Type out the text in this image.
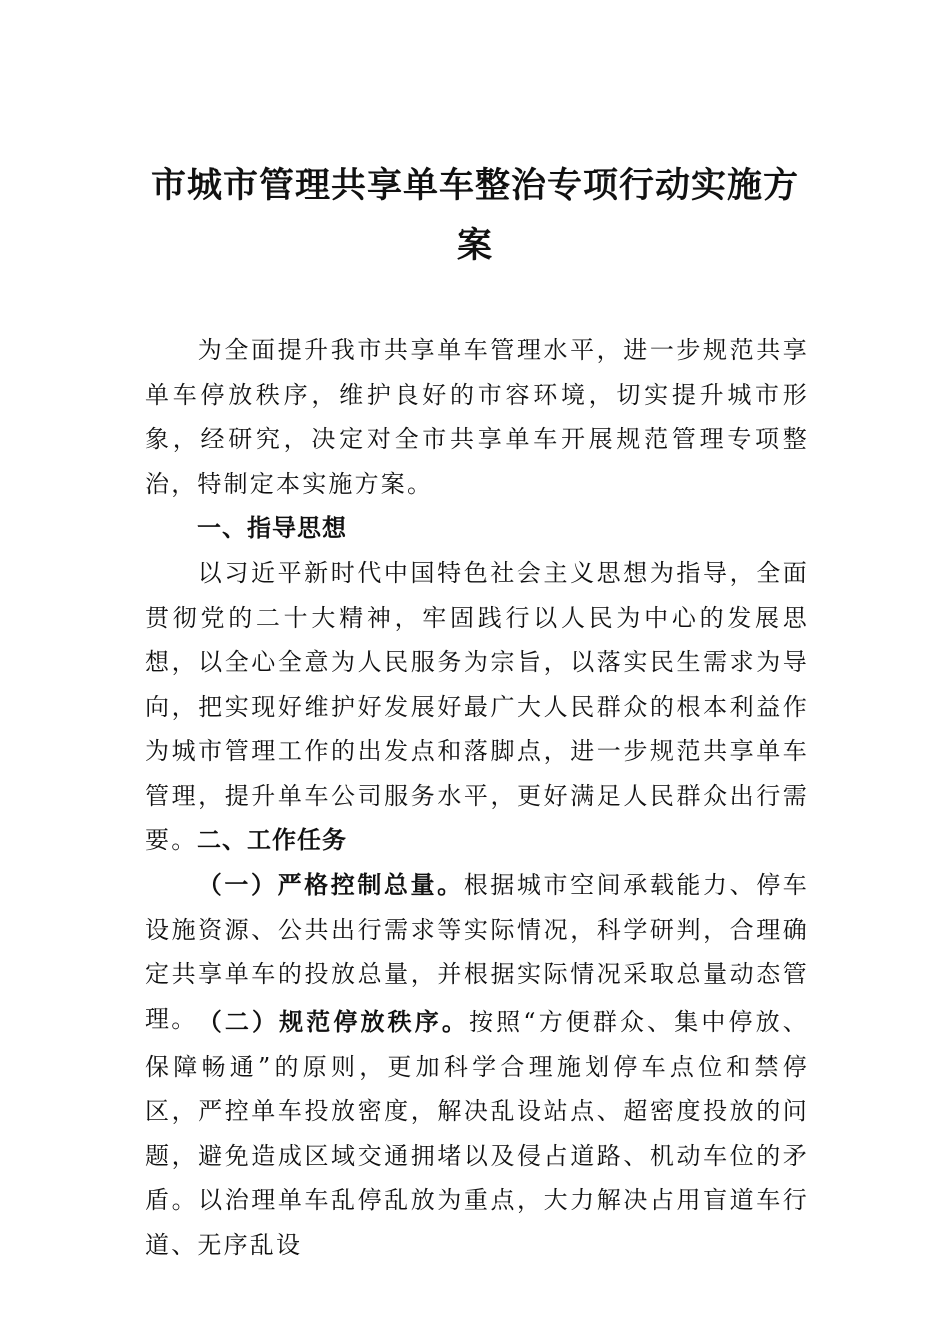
市城市管理共享单车整治专项行动实施方案

为全面提升我市共享单车管理水平，进一步规范共享单车停放秩序，维护良好的市容环境，切实提升城市形象，经研究，决定对全市共享单车开展规范管理专项整治，特制定本实施方案。

一、指导思想

以习近平新时代中国特色社会主义思想为指导，全面贯彻党的二十大精神，牢固践行以人民为中心的发展思想，以全心全意为人民服务为宗旨，以落实民生需求为导向，把实现好维护好发展好最广大人民群众的根本利益作为城市管理工作的出发点和落脚点，进一步规范共享单车管理，提升单车公司服务水平，更好满足人民群众出行需要。 二、工作任务

（一）严格控制总量。根据城市空间承载能力、停车设施资源、公共出行需求等实际情况，科学研判，合理确定共享单车的投放总量，并根据实际情况采取总量动态管理。 （二）规范停放秩序。按照“方便群众、集中停放、保障畅通”的原则，更加科学合理施划停车点位和禁停区，严控单车投放密度，解决乱设站点、超密度投放的问题，避免造成区域交通拥堵以及侵占道路、机动车位的矛盾。以治理单车乱停乱放为重点，大力解决占用盲道车行道、无序乱设
